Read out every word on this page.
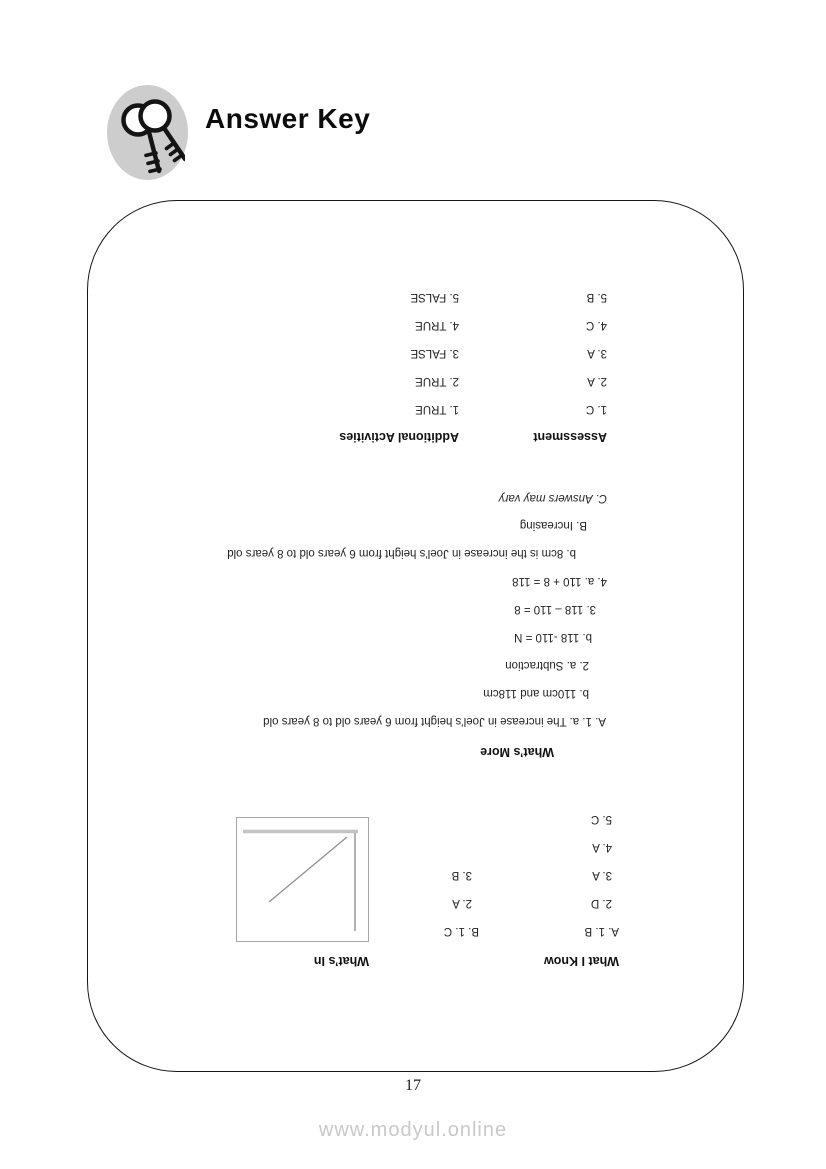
Answer Key
What I Know
A. 1. B
2. D
3. A
4. A
5. C
B. 1. C
2. A
3. B
What’s In
What’s More
A. 1. a. The increase in Joel’s height from 6 years old to 8 years old
b. 110cm and 118cm
2. a. Subtraction
b. 118 -110 = N
3. 118 – 110 = 8
4. a. 110 + 8 = 118
b. 8cm is the increase in Joel’s height from 6 years old to 8 years old
B. Increasing
C. Answers may vary
Assessment
1. C
2. A
3. A
4. C
5. B
Additional Activities
1. TRUE
2. TRUE
3. FALSE
4. TRUE
5. FALSE
17
www.modyul.online
